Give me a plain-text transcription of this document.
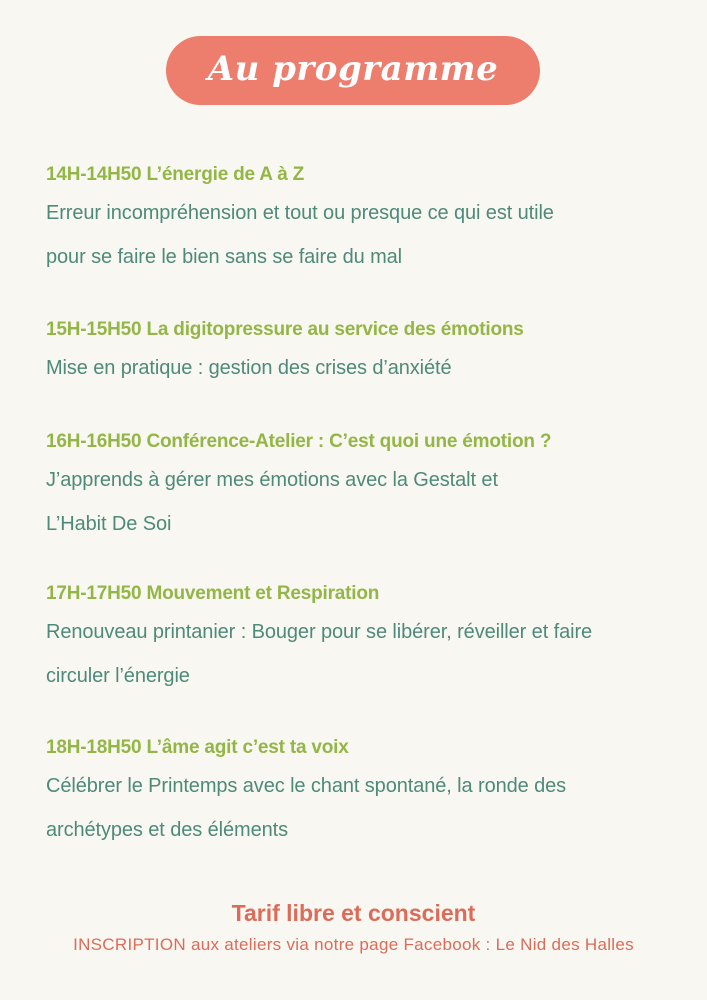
Au programme
14H-14H50 L’énergie de A à Z
Erreur incompréhension et tout ou presque ce qui est utile
pour se faire le bien sans se faire du mal
15H-15H50 La digitopressure au service des émotions
Mise en pratique : gestion des crises d’anxiété
16H-16H50 Conférence-Atelier : C’est quoi une émotion ?
J’apprends à gérer mes émotions avec la Gestalt et
L’Habit De Soi
17H-17H50 Mouvement et Respiration
Renouveau printanier : Bouger pour se libérer, réveiller et faire
circuler l’énergie
18H-18H50 L’âme agit c’est ta voix
Célébrer le Printemps avec le chant spontané, la ronde des
archétypes et des éléments
Tarif libre et conscient
INSCRIPTION aux ateliers via notre page Facebook : Le Nid des Halles
